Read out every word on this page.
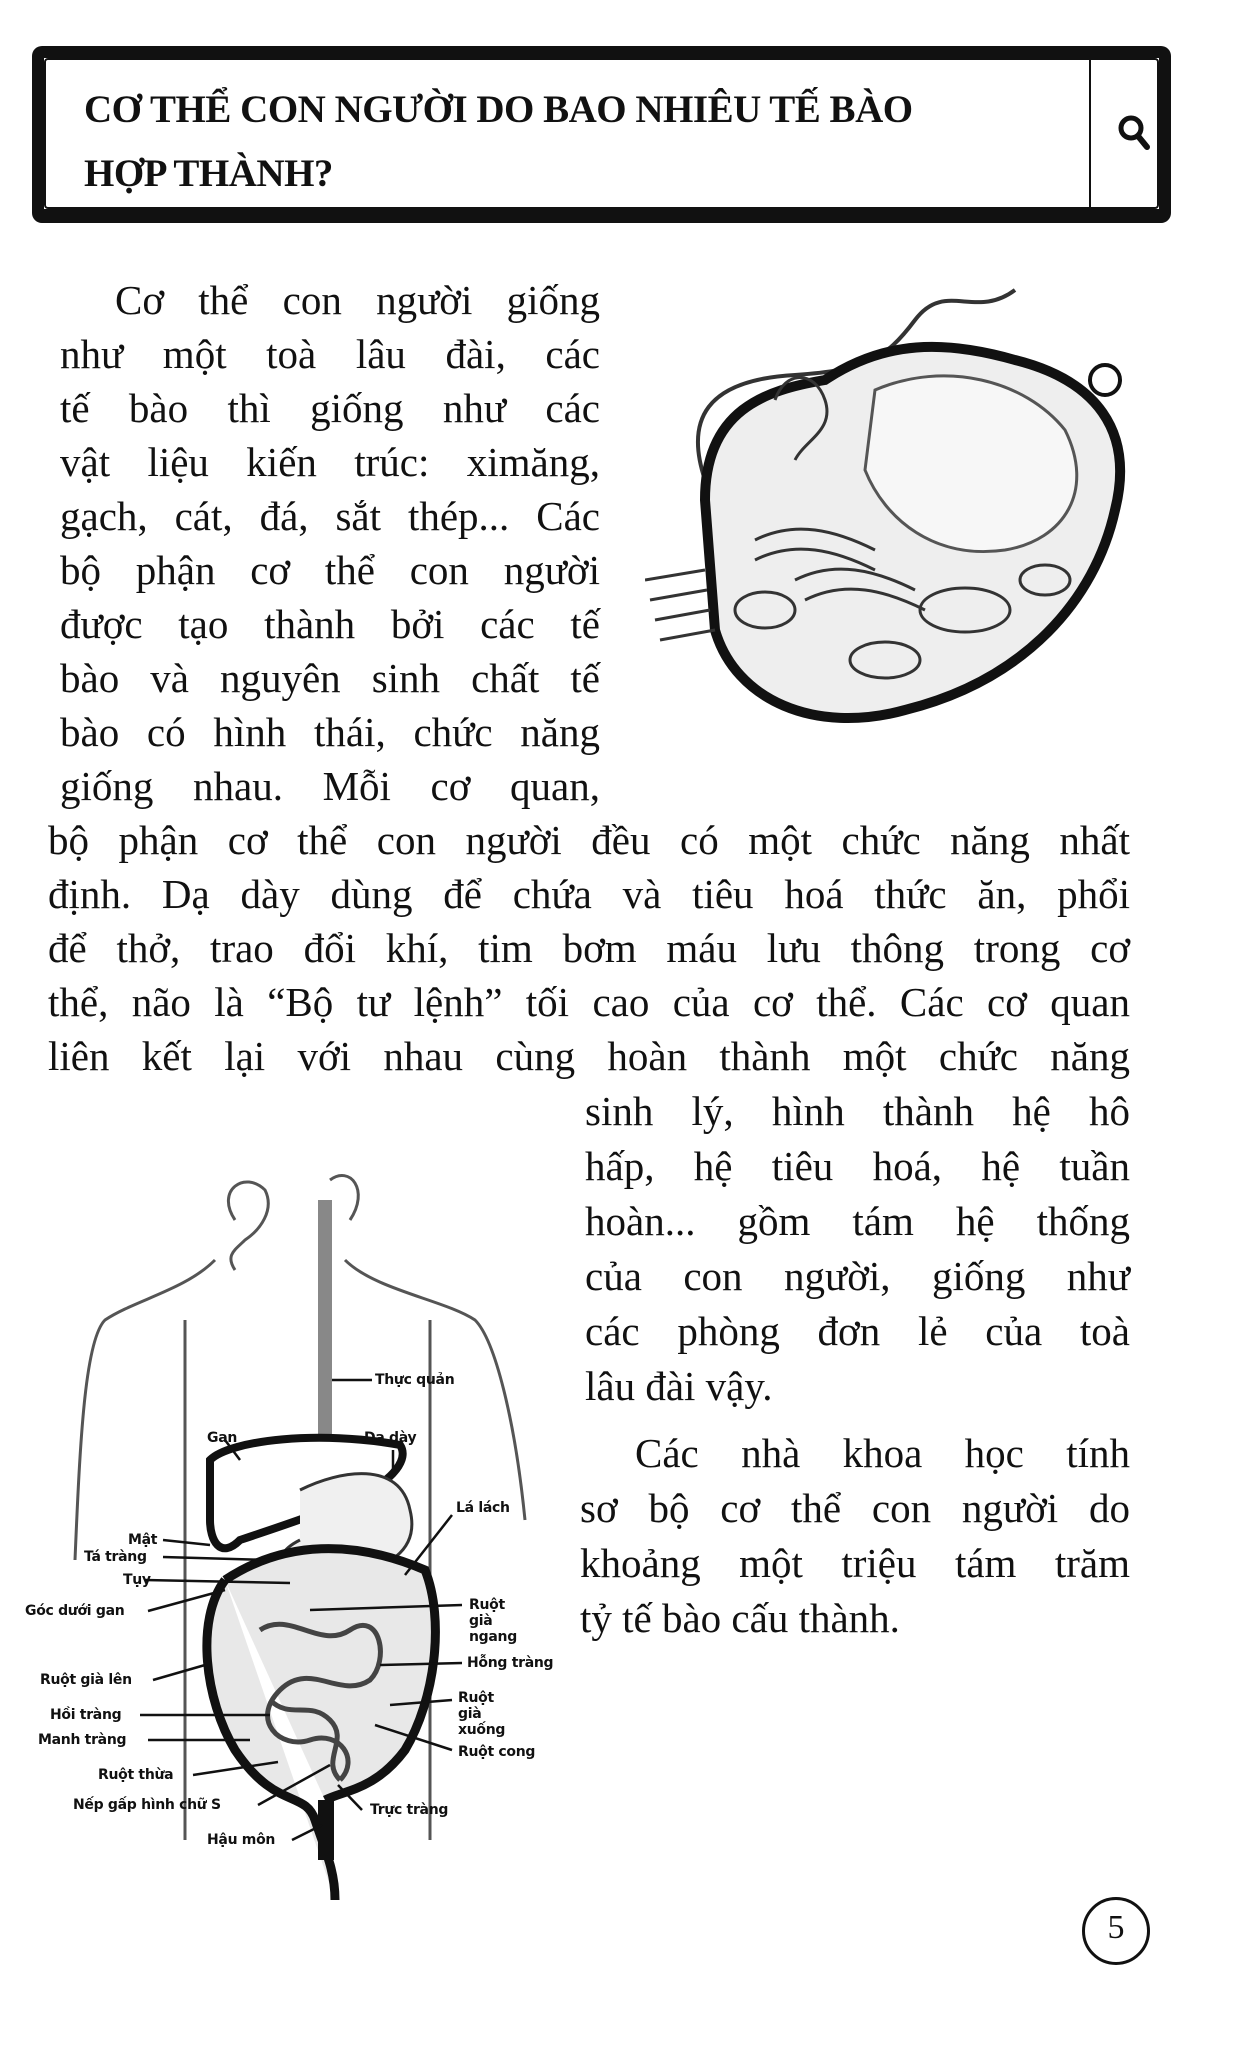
CƠ THỂ CON NGƯỜI DO BAO NHIÊU TẾ BÀO
HỢP THÀNH?
Cơ thể con người giống
như một toà lâu đài, các
tế bào thì giống như các
vật liệu kiến trúc: ximăng,
gạch, cát, đá, sắt thép... Các
bộ phận cơ thể con người
được tạo thành bởi các tế
bào và nguyên sinh chất tế
bào có hình thái, chức năng
giống nhau. Mỗi cơ quan,
bộ phận cơ thể con người đều có một chức năng nhất
định. Dạ dày dùng để chứa và tiêu hoá thức ăn, phổi
để thở, trao đổi khí, tim bơm máu lưu thông trong cơ
thể, não là “Bộ tư lệnh” tối cao của cơ thể. Các cơ quan
liên kết lại với nhau cùng hoàn thành một chức năng
sinh lý, hình thành hệ hô
hấp, hệ tiêu hoá, hệ tuần
hoàn... gồm tám hệ thống
của con người, giống như
các phòng đơn lẻ của toà
lâu đài vậy.
Các nhà khoa học tính
sơ bộ cơ thể con người do
khoảng một triệu tám trăm
tỷ tế bào cấu thành.
Thực quản
Gan	Dạ dày
Lá lách
Mật
Tá tràng
Tụy
Góc dưới gan	Ruột già ngang
Hỗng tràng
Ruột già lên
Ruột già xuống
Hồi tràng
Manh tràng
Ruột cong
Ruột thừa
Nếp gấp hình chữ S	Trực tràng
Hậu môn
5
